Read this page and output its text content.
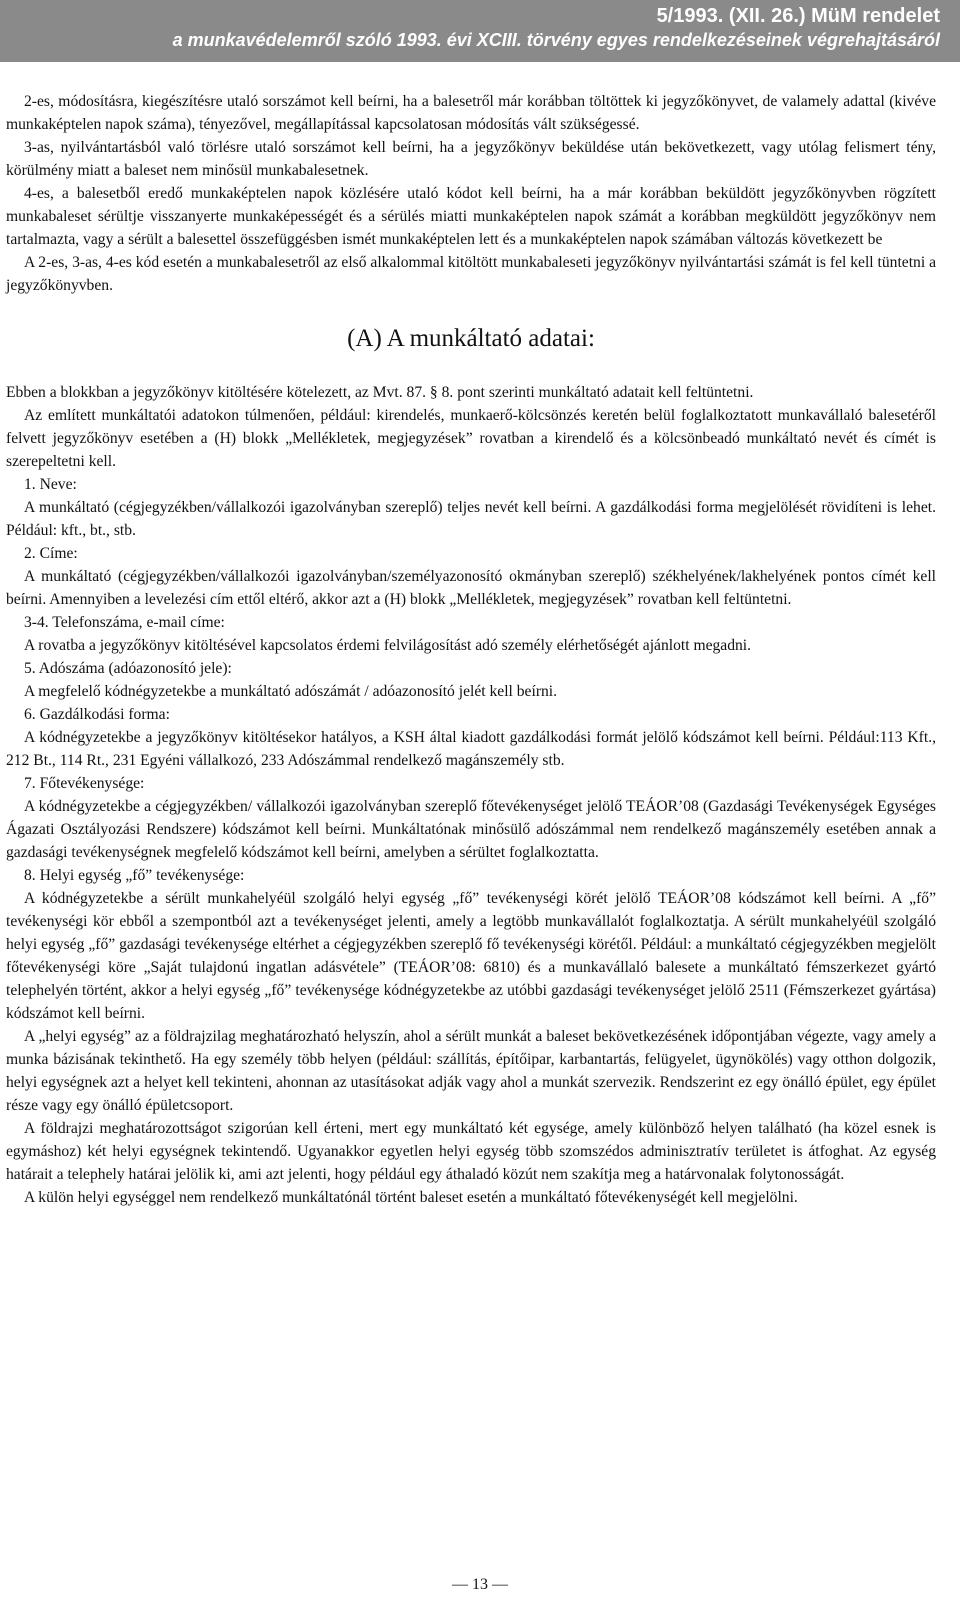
5/1993. (XII. 26.) MüM rendelet
a munkavédelemről szóló 1993. évi XCIII. törvény egyes rendelkezéseinek végrehajtásáról

2-es, módosításra, kiegészítésre utaló sorszámot kell beírni, ha a balesetről már korábban töltöttek ki jegyzőkönyvet, de valamely adattal (kivéve munkaképtelen napok száma), tényezővel, megállapítással kapcsolatosan módosítás vált szükségessé.

3-as, nyilvántartásból való törlésre utaló sorszámot kell beírni, ha a jegyzőkönyv beküldése után bekövetkezett, vagy utólag felismert tény, körülmény miatt a baleset nem minősül munkabalesetnek.

4-es, a balesetből eredő munkaképtelen napok közlésére utaló kódot kell beírni, ha a már korábban beküldött jegyzőkönyvben rögzített munkabaleset sérültje visszanyerte munkaképességét és a sérülés miatti munkaképtelen napok számát a korábban megküldött jegyzőkönyv nem tartalmazta, vagy a sérült a balesettel összefüggésben ismét munkaképtelen lett és a munkaképtelen napok számában változás következett be

A 2-es, 3-as, 4-es kód esetén a munkabalesetről az első alkalommal kitöltött munkabaleseti jegyzőkönyv nyilvántartási számát is fel kell tüntetni a jegyzőkönyvben.

(A) A munkáltató adatai:

Ebben a blokkban a jegyzőkönyv kitöltésére kötelezett, az Mvt. 87. § 8. pont szerinti munkáltató adatait kell feltüntetni.

Az említett munkáltatói adatokon túlmenően, például: kirendelés, munkaerő-kölcsönzés keretén belül foglalkoztatott munkavállaló balesetéről felvett jegyzőkönyv esetében a (H) blokk „Mellékletek, megjegyzések” rovatban a kirendelő és a kölcsönbeadó munkáltató nevét és címét is szerepeltetni kell.

1. Neve:

A munkáltató (cégjegyzékben/vállalkozói igazolványban szereplő) teljes nevét kell beírni. A gazdálkodási forma megjelölését rövidíteni is lehet. Például: kft., bt., stb.

2. Címe:

A munkáltató (cégjegyzékben/vállalkozói igazolványban/személyazonosító okmányban szereplő) székhelyének/lakhelyének pontos címét kell beírni. Amennyiben a levelezési cím ettől eltérő, akkor azt a (H) blokk „Mellékletek, megjegyzések” rovatban kell feltüntetni.

3-4. Telefonszáma, e-mail címe:

A rovatba a jegyzőkönyv kitöltésével kapcsolatos érdemi felvilágosítást adó személy elérhetőségét ajánlott megadni.

5. Adószáma (adóazonosító jele):

A megfelelő kódnégyzetekbe a munkáltató adószámát / adóazonosító jelét kell beírni.

6. Gazdálkodási forma:

A kódnégyzetekbe a jegyzőkönyv kitöltésekor hatályos, a KSH által kiadott gazdálkodási formát jelölő kódszámot kell beírni. Például:113 Kft., 212 Bt., 114 Rt., 231 Egyéni vállalkozó, 233 Adószámmal rendelkező magánszemély stb.

7. Főtevékenysége:

A kódnégyzetekbe a cégjegyzékben/ vállalkozói igazolványban szereplő főtevékenységet jelölő TEÁOR’08 (Gazdasági Tevékenységek Egységes Ágazati Osztályozási Rendszere) kódszámot kell beírni. Munkáltatónak minősülő adószámmal nem rendelkező magánszemély esetében annak a gazdasági tevékenységnek megfelelő kódszámot kell beírni, amelyben a sérültet foglalkoztatta.

8. Helyi egység „fő” tevékenysége:

A kódnégyzetekbe a sérült munkahelyéül szolgáló helyi egység „fő” tevékenységi körét jelölő TEÁOR’08 kódszámot kell beírni. A „fő” tevékenységi kör ebből a szempontból azt a tevékenységet jelenti, amely a legtöbb munkavállalót foglalkoztatja. A sérült munkahelyéül szolgáló helyi egység „fő” gazdasági tevékenysége eltérhet a cégjegyzékben szereplő fő tevékenységi körétől. Például: a munkáltató cégjegyzékben megjelölt főtevékenységi köre „Saját tulajdonú ingatlan adásvétele” (TEÁOR’08: 6810) és a munkavállaló balesete a munkáltató fémszerkezet gyártó telephelyén történt, akkor a helyi egység „fő” tevékenysége kódnégyzetekbe az utóbbi gazdasági tevékenységet jelölő 2511 (Fémszerkezet gyártása) kódszámot kell beírni.

A „helyi egység” az a földrajzilag meghatározható helyszín, ahol a sérült munkát a baleset bekövetkezésének időpontjában végezte, vagy amely a munka bázisának tekinthető. Ha egy személy több helyen (például: szállítás, építőipar, karbantartás, felügyelet, ügynökölés) vagy otthon dolgozik, helyi egységnek azt a helyet kell tekinteni, ahonnan az utasításokat adják vagy ahol a munkát szervezik. Rendszerint ez egy önálló épület, egy épület része vagy egy önálló épületcsoport.

A földrajzi meghatározottságot szigorúan kell érteni, mert egy munkáltató két egysége, amely különböző helyen található (ha közel esnek is egymáshoz) két helyi egységnek tekintendő. Ugyanakkor egyetlen helyi egység több szomszédos adminisztratív területet is átfoghat. Az egység határait a telephely határai jelölik ki, ami azt jelenti, hogy például egy áthaladó közút nem szakítja meg a határvonalak folytonosságát.

A külön helyi egységgel nem rendelkező munkáltatónál történt baleset esetén a munkáltató főtevékenységét kell megjelölni.

— 13 —
